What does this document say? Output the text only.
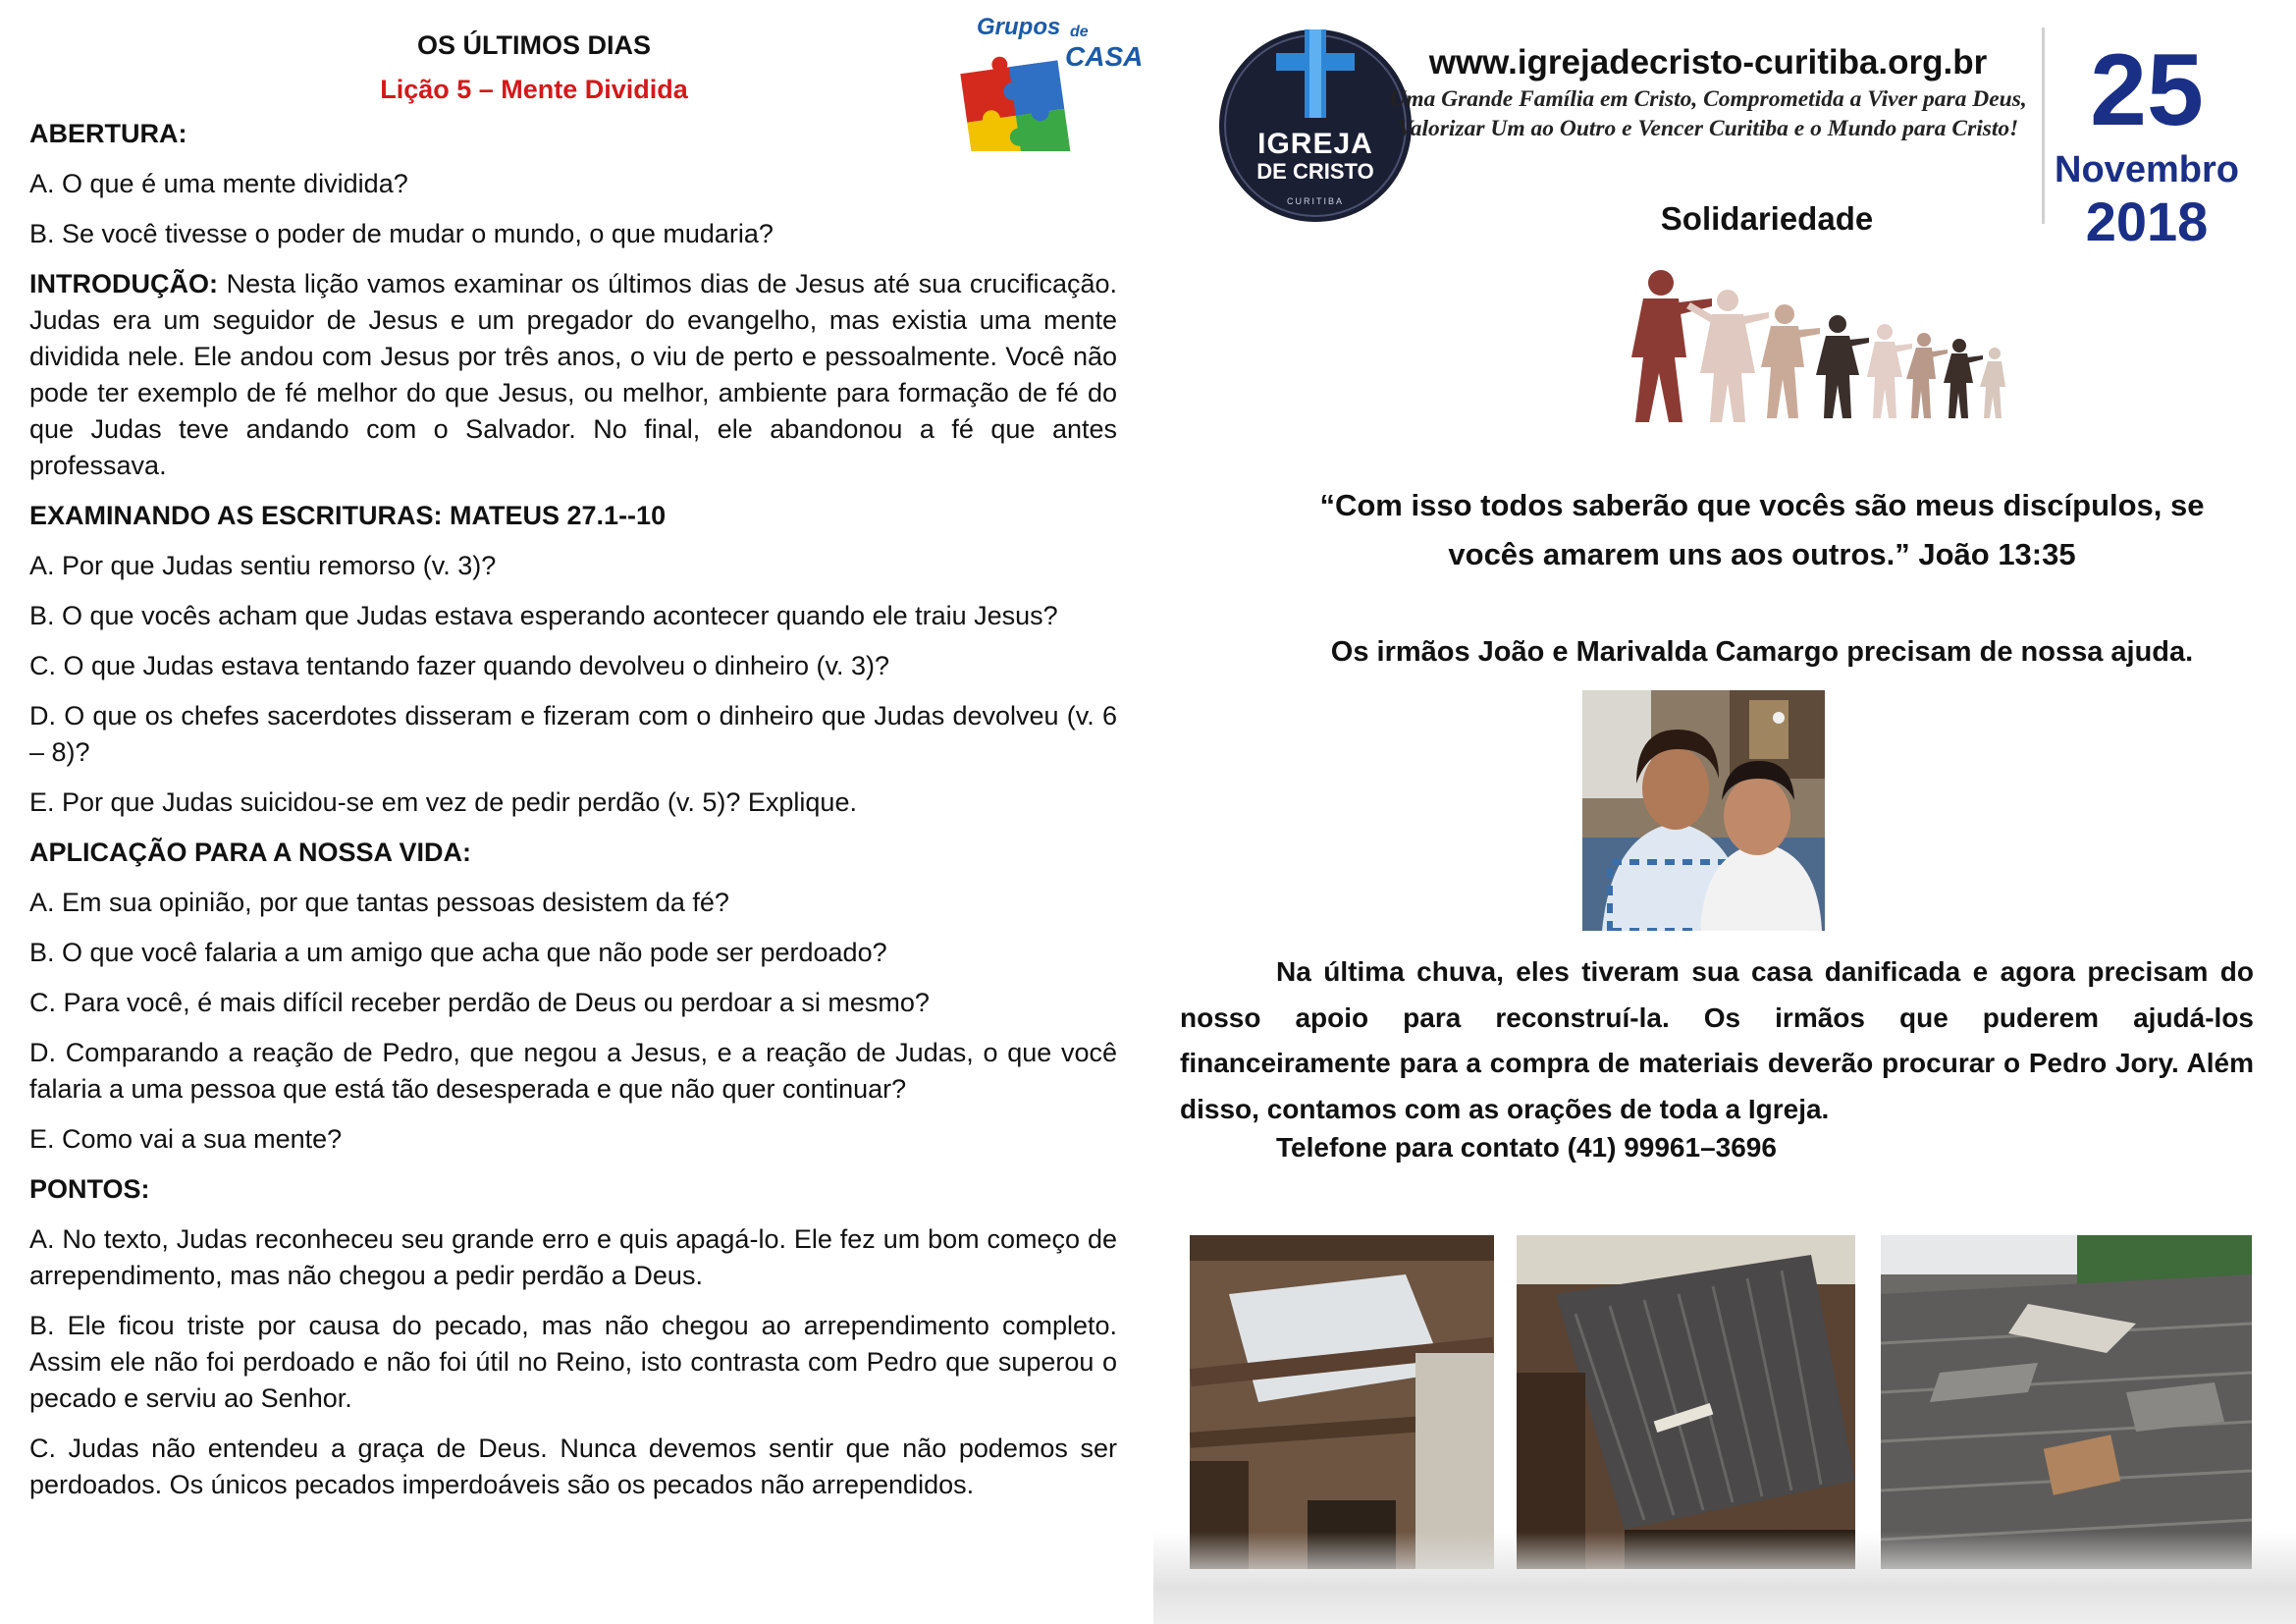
OS ÚLTIMOS DIAS

Lição 5 – Mente Dividida

ABERTURA:

A. O que é uma mente dividida?

B. Se você tivesse o poder de mudar o mundo, o que mudaria?

INTRODUÇÃO: Nesta lição vamos examinar os últimos dias de Jesus até sua crucificação. Judas era um seguidor de Jesus e um pregador do evangelho, mas existia uma mente dividida nele. Ele andou com Jesus por três anos, o viu de perto e pessoalmente. Você não pode ter exemplo de fé melhor do que Jesus, ou melhor, ambiente para formação de fé do que Judas teve andando com o Salvador. No final, ele abandonou a fé que antes professava.

EXAMINANDO AS ESCRITURAS: MATEUS 27.1--10

A. Por que Judas sentiu remorso (v. 3)?

B. O que vocês acham que Judas estava esperando acontecer quando ele traiu Jesus?

C. O que Judas estava tentando fazer quando devolveu o dinheiro (v. 3)?

D. O que os chefes sacerdotes disseram e fizeram com o dinheiro que Judas devolveu (v. 6 – 8)?

E. Por que Judas suicidou-se em vez de pedir perdão (v. 5)? Explique.

APLICAÇÃO PARA A NOSSA VIDA:

A. Em sua opinião, por que tantas pessoas desistem da fé?

B. O que você falaria a um amigo que acha que não pode ser perdoado?

C. Para você, é mais difícil receber perdão de Deus ou perdoar a si mesmo?

D. Comparando a reação de Pedro, que negou a Jesus, e a reação de Judas, o que você falaria a uma pessoa que está tão desesperada e que não quer continuar?

E. Como vai a sua mente?

PONTOS:

A. No texto, Judas reconheceu seu grande erro e quis apagá-lo. Ele fez um bom começo de arrependimento, mas não chegou a pedir perdão a Deus.

B. Ele ficou triste por causa do pecado, mas não chegou ao arrependimento completo. Assim ele não foi perdoado e não foi útil no Reino, isto contrasta com Pedro que superou o pecado e serviu ao Senhor.

C. Judas não entendeu a graça de Deus. Nunca devemos sentir que não podemos ser perdoados. Os únicos pecados imperdoáveis são os pecados não arrependidos.

Grupos de
CASA
IGREJA
DE CRISTO
CURITIBA
www.igrejadecristo-curitiba.org.br
Uma Grande Família em Cristo, Comprometida a Viver para Deus,
Valorizar Um ao Outro e Vencer Curitiba e o Mundo para Cristo! 25
Novembro
2018
Solidariedade
“Com isso todos saberão que vocês são meus discípulos, se vocês amarem uns aos outros.” João 13:35
Os irmãos João e Marivalda Camargo precisam de nossa ajuda.

Na última chuva, eles tiveram sua casa danificada e agora precisam do nosso apoio para reconstruí-la. Os irmãos que puderem ajudá-los financeiramente para a compra de materiais deverão procurar o Pedro Jory. Além disso, contamos com as orações de toda a Igreja.

Telefone para contato (41) 99961–3696
